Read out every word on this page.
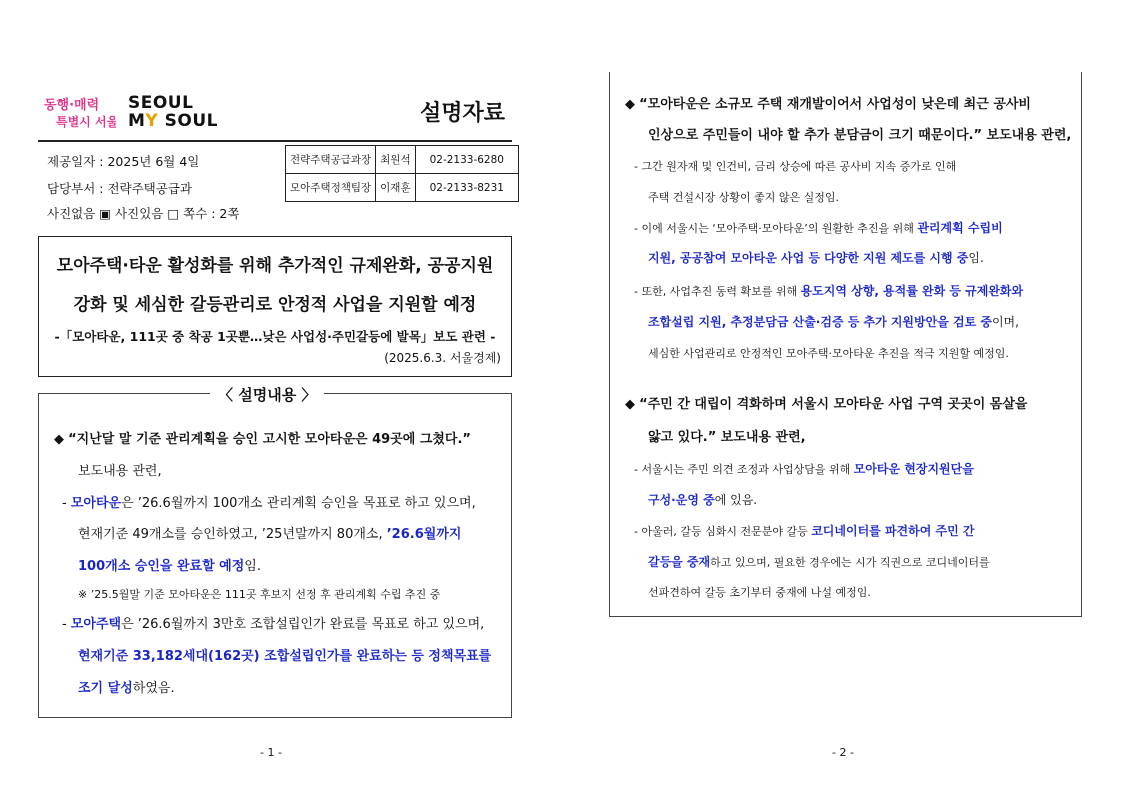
동행·매력
특별시 서울
SEOUL
MY SOUL	설명자료
제공일자 : 2025년 6월 4일
담당부서 : 전략주택공급과
사진없음 ▣ 사진있음 □ 쪽수 : 2쪽
전략주택공급과장	최원석	02-2133-6280
모아주택정책팀장	이재훈	02-2133-8231
모아주택·타운 활성화를 위해 추가적인 규제완화, 공공지원
강화 및 세심한 갈등관리로 안정적 사업을 지원할 예정
-「모아타운, 111곳 중 착공 1곳뿐…낮은 사업성·주민갈등에 발목」보도 관련 -
(2025.6.3. 서울경제)
〈 설명내용 〉
◆ “지난달 말 기준 관리계획을 승인 고시한 모아타운은 49곳에 그쳤다.”
보도내용 관련,
- 모아타운은 ’26.6월까지 100개소 관리계획 승인을 목표로 하고 있으며,
현재기준 49개소를 승인하였고, ’25년말까지 80개소, ’26.6월까지
100개소 승인을 완료할 예정임.
※ ’25.5월말 기준 모아타운은 111곳 후보지 선정 후 관리계획 수립 추진 중
- 모아주택은 ’26.6월까지 3만호 조합설립인가 완료를 목표로 하고 있으며,
현재기준 33,182세대(162곳) 조합설립인가를 완료하는 등 정책목표를
조기 달성하였음.
- 1 -
◆ “모아타운은 소규모 주택 재개발이어서 사업성이 낮은데 최근 공사비
인상으로 주민들이 내야 할 추가 분담금이 크기 때문이다.” 보도내용 관련,
- 그간 원자재 및 인건비, 금리 상승에 따른 공사비 지속 증가로 인해
주택 건설시장 상황이 좋지 않은 실정임.
- 이에 서울시는 ‘모아주택·모아타운’의 원활한 추진을 위해 관리계획 수립비
지원, 공공참여 모아타운 사업 등 다양한 지원 제도를 시행 중임.
- 또한, 사업추진 동력 확보를 위해 용도지역 상향, 용적률 완화 등 규제완화와
조합설립 지원, 추정분담금 산출·검증 등 추가 지원방안을 검토 중이며,
세심한 사업관리로 안정적인 모아주택·모아타운 추진을 적극 지원할 예정임.
◆ “주민 간 대립이 격화하며 서울시 모아타운 사업 구역 곳곳이 몸살을
앓고 있다.” 보도내용 관련,
- 서울시는 주민 의견 조정과 사업상담을 위해 모아타운 현장지원단을
구성·운영 중에 있음.
- 아울러, 갈등 심화시 전문분야 갈등 코디네이터를 파견하여 주민 간
갈등을 중재하고 있으며, 필요한 경우에는 시가 직권으로 코디네이터를
선파견하여 갈등 초기부터 중재에 나설 예정임.
- 2 -
